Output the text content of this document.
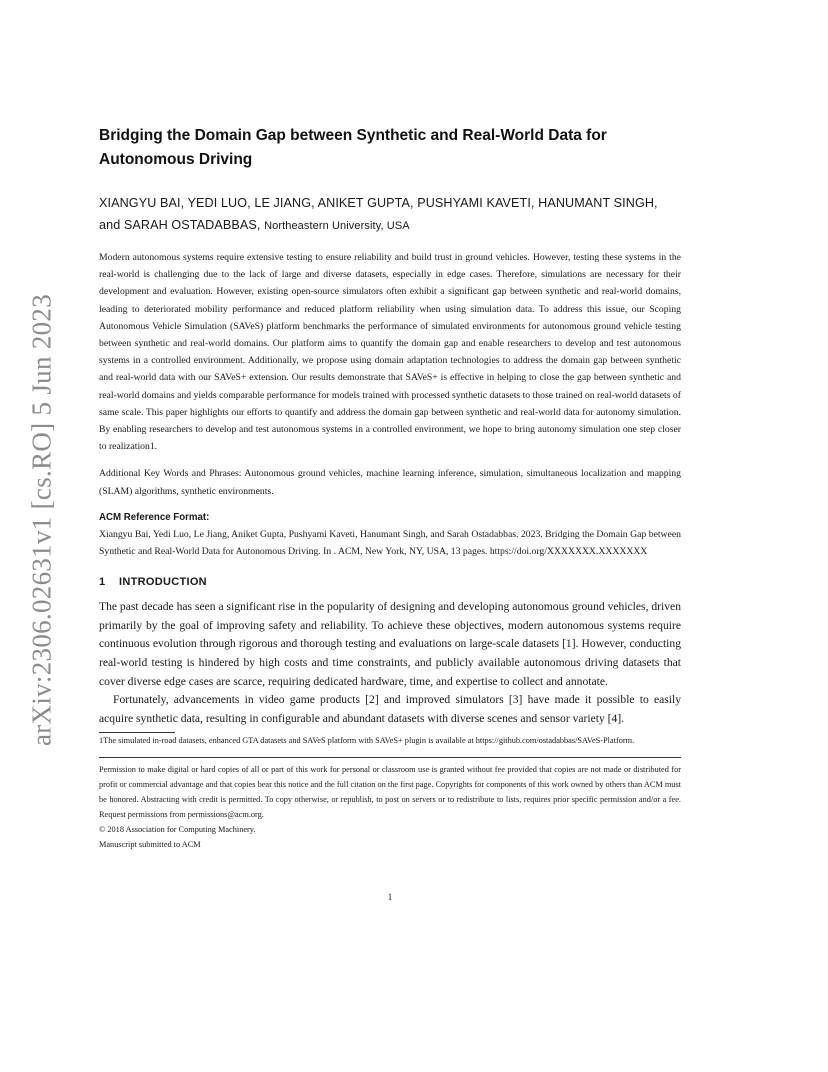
arXiv:2306.02631v1 [cs.RO] 5 Jun 2023
Bridging the Domain Gap between Synthetic and Real-World Data for Autonomous Driving

XIANGYU BAI, YEDI LUO, LE JIANG, ANIKET GUPTA, PUSHYAMI KAVETI, HANUMANT SINGH, and SARAH OSTADABBAS, Northeastern University, USA

Modern autonomous systems require extensive testing to ensure reliability and build trust in ground vehicles. However, testing these systems in the real-world is challenging due to the lack of large and diverse datasets, especially in edge cases. Therefore, simulations are necessary for their development and evaluation. However, existing open-source simulators often exhibit a significant gap between synthetic and real-world domains, leading to deteriorated mobility performance and reduced platform reliability when using simulation data. To address this issue, our Scoping Autonomous Vehicle Simulation (SAVeS) platform benchmarks the performance of simulated environments for autonomous ground vehicle testing between synthetic and real-world domains. Our platform aims to quantify the domain gap and enable researchers to develop and test autonomous systems in a controlled environment. Additionally, we propose using domain adaptation technologies to address the domain gap between synthetic and real-world data with our SAVeS+ extension. Our results demonstrate that SAVeS+ is effective in helping to close the gap between synthetic and real-world domains and yields comparable performance for models trained with processed synthetic datasets to those trained on real-world datasets of same scale. This paper highlights our efforts to quantify and address the domain gap between synthetic and real-world data for autonomy simulation. By enabling researchers to develop and test autonomous systems in a controlled environment, we hope to bring autonomy simulation one step closer to realization1.

Additional Key Words and Phrases: Autonomous ground vehicles, machine learning inference, simulation, simultaneous localization and mapping (SLAM) algorithms, synthetic environments.

ACM Reference Format:

Xiangyu Bai, Yedi Luo, Le Jiang, Aniket Gupta, Pushyami Kaveti, Hanumant Singh, and Sarah Ostadabbas. 2023. Bridging the Domain Gap between Synthetic and Real-World Data for Autonomous Driving. In . ACM, New York, NY, USA, 13 pages. https://doi.org/XXXXXXX.XXXXXXX

1 INTRODUCTION

The past decade has seen a significant rise in the popularity of designing and developing autonomous ground vehicles, driven primarily by the goal of improving safety and reliability. To achieve these objectives, modern autonomous systems require continuous evolution through rigorous and thorough testing and evaluations on large-scale datasets [1]. However, conducting real-world testing is hindered by high costs and time constraints, and publicly available autonomous driving datasets that cover diverse edge cases are scarce, requiring dedicated hardware, time, and expertise to collect and annotate.

Fortunately, advancements in video game products [2] and improved simulators [3] have made it possible to easily acquire synthetic data, resulting in configurable and abundant datasets with diverse scenes and sensor variety [4].

1The simulated in-road datasets, enhanced GTA datasets and SAVeS platform with SAVeS+ plugin is available at https://github.com/ostadabbas/SAVeS-Platform.

Permission to make digital or hard copies of all or part of this work for personal or classroom use is granted without fee provided that copies are not made or distributed for profit or commercial advantage and that copies bear this notice and the full citation on the first page. Copyrights for components of this work owned by others than ACM must be honored. Abstracting with credit is permitted. To copy otherwise, or republish, to post on servers or to redistribute to lists, requires prior specific permission and/or a fee. Request permissions from permissions@acm.org.

© 2018 Association for Computing Machinery.

Manuscript submitted to ACM

1
